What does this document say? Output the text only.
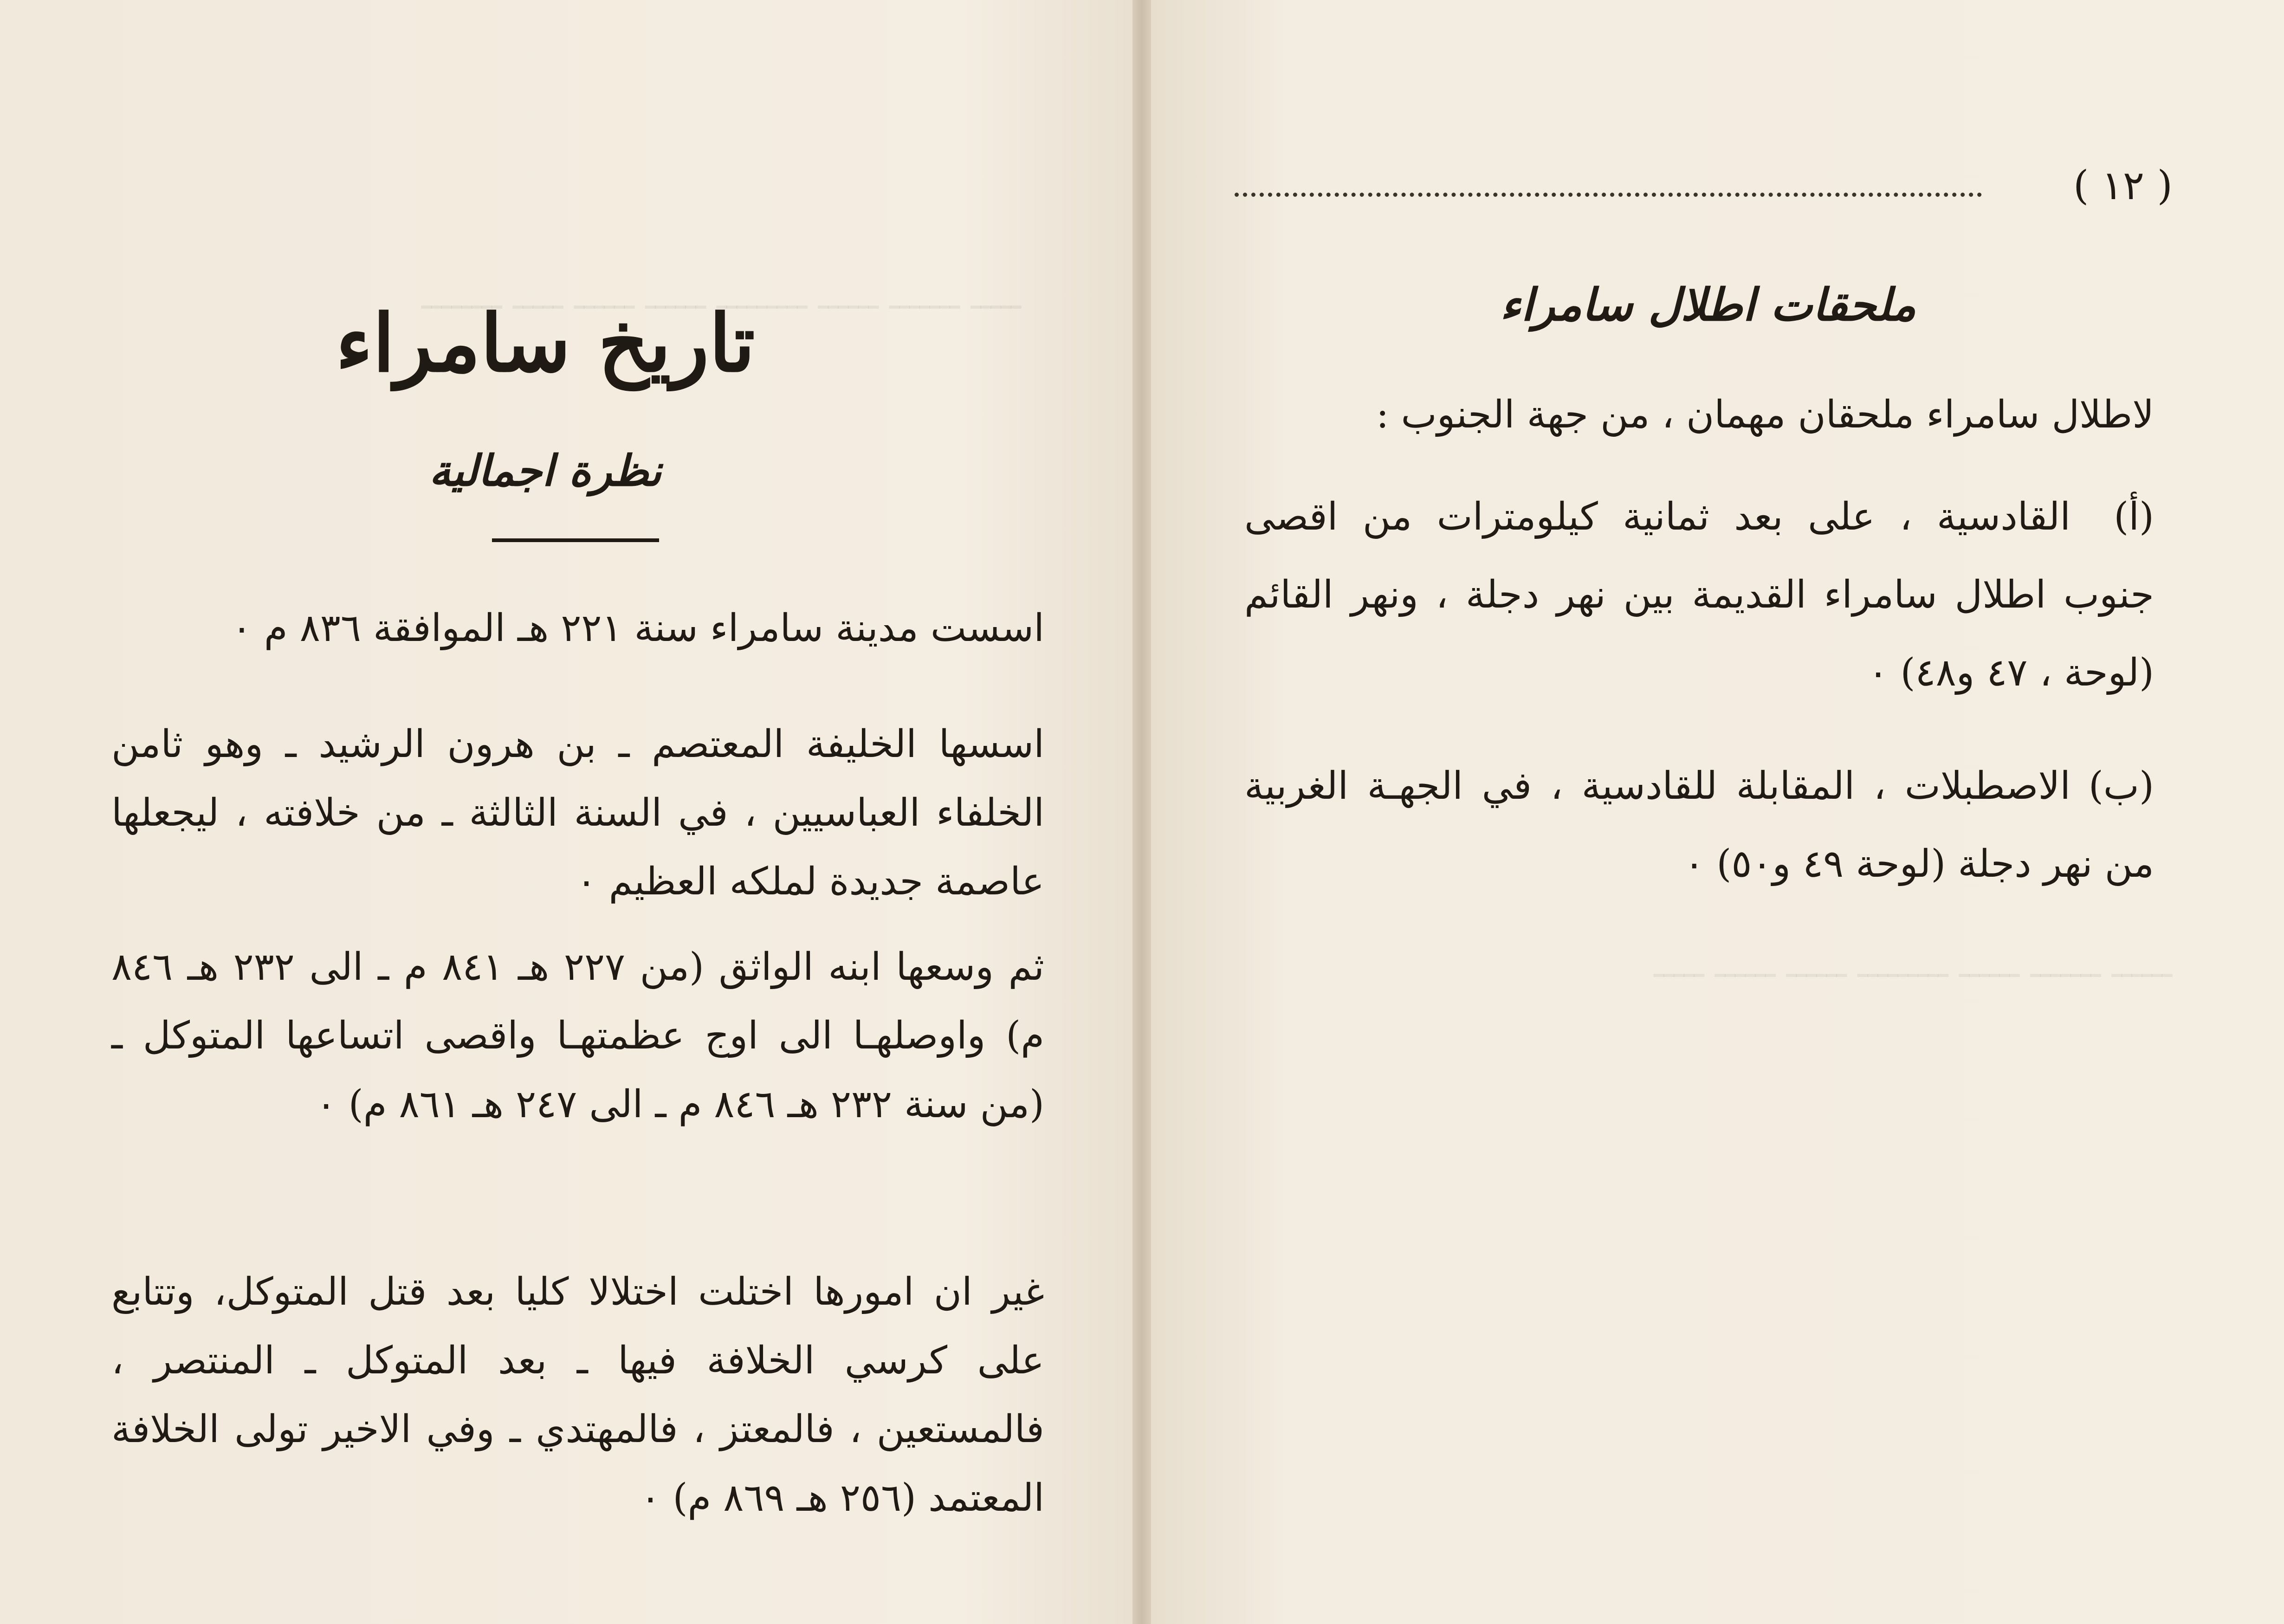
ـــــ ـــــــ ــــــ ـــــــــ ــــــ ــــــ ـــــ ــــــــ
تاريخ سامراء
نظرة اجمالية
اسست مدينة سامراء سنة ٢٢١ هـ الموافقة ٨٣٦ م ٠
اسسها الخليفة المعتصم ـ بن هرون الرشيد ـ وهو ثامن الخلفاء العباسيين ، في السنة الثالثة ـ من خلافته ، ليجعلها عاصمة جديدة لملكه العظيم ٠
ثم وسعها ابنه الواثق (من ٢٢٧ هـ ٨٤١ م ـ الى ٢٣٢ هـ ٨٤٦ م) واوصلهـا الى اوج عظمتهـا واقصى اتساعها المتوكل ـ (من سنة ٢٣٢ هـ ٨٤٦ م ـ الى ٢٤٧ هـ ٨٦١ م) ٠
غير ان امورها اختلت اختلالا كليا بعد قتل المتوكل، وتتابع على كرسي الخلافة فيها ـ بعد المتوكل ـ المنتصر ، فالمستعين ، فالمعتز ، فالمهتدي ـ وفي الاخير تولى الخلافة المعتمد (٢٥٦ هـ ٨٦٩ م) ٠
ــــــ ـــــــ ــــــ ـــــــــ ــــــ ــــــ ـــــ
( ١٢ )
ملحقات اطلال سامراء
لاطلال سامراء ملحقان مهمان ، من جهة الجنوب :
(أ)القادسية ، على بعد ثمانية كيلومترات من اقصى جنوب اطلال سامراء القديمة بين نهر دجلة ، ونهر القائم (لوحة ، ٤٧ و٤٨) ٠
(ب)الاصطبلات ، المقابلة للقادسية ، في الجهـة الغربية من نهر دجلة (لوحة ٤٩ و٥٠) ٠
